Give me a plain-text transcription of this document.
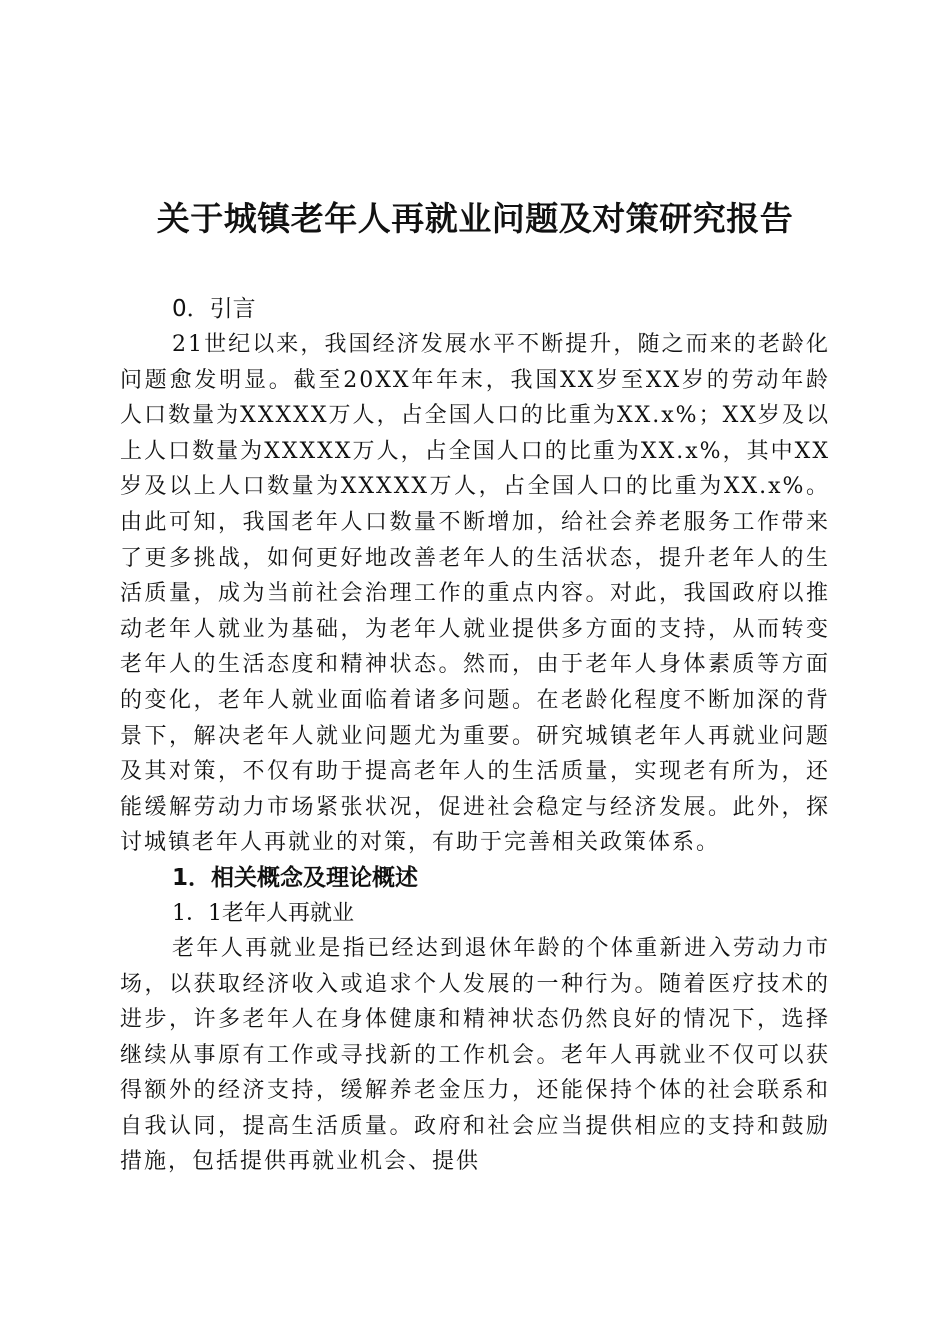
关于城镇老年人再就业问题及对策研究报告

0．引言

21世纪以来，我国经济发展水平不断提升，随之而来的老龄化问题愈发明显。截至20XX年年末，我国XX岁至XX岁的劳动年龄人口数量为XXXXX万人，占全国人口的比重为XX.x%；XX岁及以上人口数量为XXXXX万人，占全国人口的比重为XX.x%，其中XX岁及以上人口数量为XXXXX万人，占全国人口的比重为XX.x%。由此可知，我国老年人口数量不断增加，给社会养老服务工作带来了更多挑战，如何更好地改善老年人的生活状态，提升老年人的生活质量，成为当前社会治理工作的重点内容。对此，我国政府以推动老年人就业为基础，为老年人就业提供多方面的支持，从而转变老年人的生活态度和精神状态。然而，由于老年人身体素质等方面的变化，老年人就业面临着诸多问题。在老龄化程度不断加深的背景下，解决老年人就业问题尤为重要。研究城镇老年人再就业问题及其对策，不仅有助于提高老年人的生活质量，实现老有所为，还能缓解劳动力市场紧张状况，促进社会稳定与经济发展。此外，探讨城镇老年人再就业的对策，有助于完善相关政策体系。

1．相关概念及理论概述

1．1老年人再就业

老年人再就业是指已经达到退休年龄的个体重新进入劳动力市场，以获取经济收入或追求个人发展的一种行为。随着医疗技术的进步，许多老年人在身体健康和精神状态仍然良好的情况下，选择继续从事原有工作或寻找新的工作机会。老年人再就业不仅可以获得额外的经济支持，缓解养老金压力，还能保持个体的社会联系和自我认同，提高生活质量。政府和社会应当提供相应的支持和鼓励措施，包括提供再就业机会、提供
